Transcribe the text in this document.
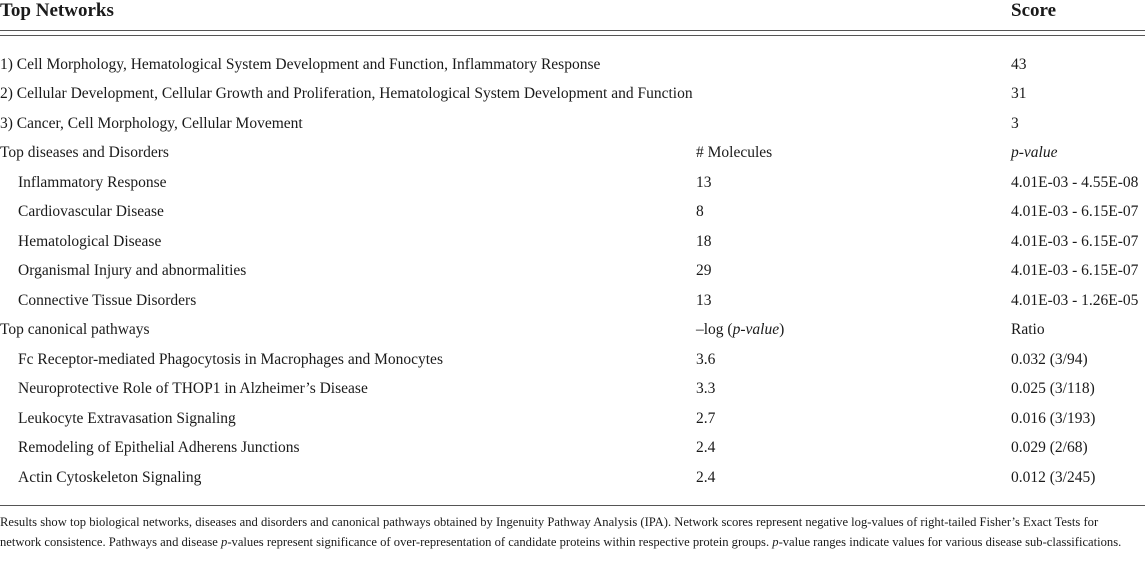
Top Networks	Score
1) Cell Morphology, Hematological System Development and Function, Inflammatory Response	43
2) Cellular Development, Cellular Growth and Proliferation, Hematological System Development and Function	31
3) Cancer, Cell Morphology, Cellular Movement	3
Top diseases and Disorders	# Molecules	p-value
Inflammatory Response	13	4.01E-03 - 4.55E-08
Cardiovascular Disease	8	4.01E-03 - 6.15E-07
Hematological Disease	18	4.01E-03 - 6.15E-07
Organismal Injury and abnormalities	29	4.01E-03 - 6.15E-07
Connective Tissue Disorders	13	4.01E-03 - 1.26E-05
Top canonical pathways	–log (p-value)	Ratio
Fc Receptor-mediated Phagocytosis in Macrophages and Monocytes	3.6	0.032 (3/94)
Neuroprotective Role of THOP1 in Alzheimer’s Disease	3.3	0.025 (3/118)
Leukocyte Extravasation Signaling	2.7	0.016 (3/193)
Remodeling of Epithelial Adherens Junctions	2.4	0.029 (2/68)
Actin Cytoskeleton Signaling	2.4	0.012 (3/245)
Results show top biological networks, diseases and disorders and canonical pathways obtained by Ingenuity Pathway Analysis (IPA). Network scores represent negative log-values of right-tailed Fisher’s Exact Tests for network consistence. Pathways and disease p-values represent significance of over-representation of candidate proteins within respective protein groups. p-value ranges indicate values for various disease sub-classifications.
